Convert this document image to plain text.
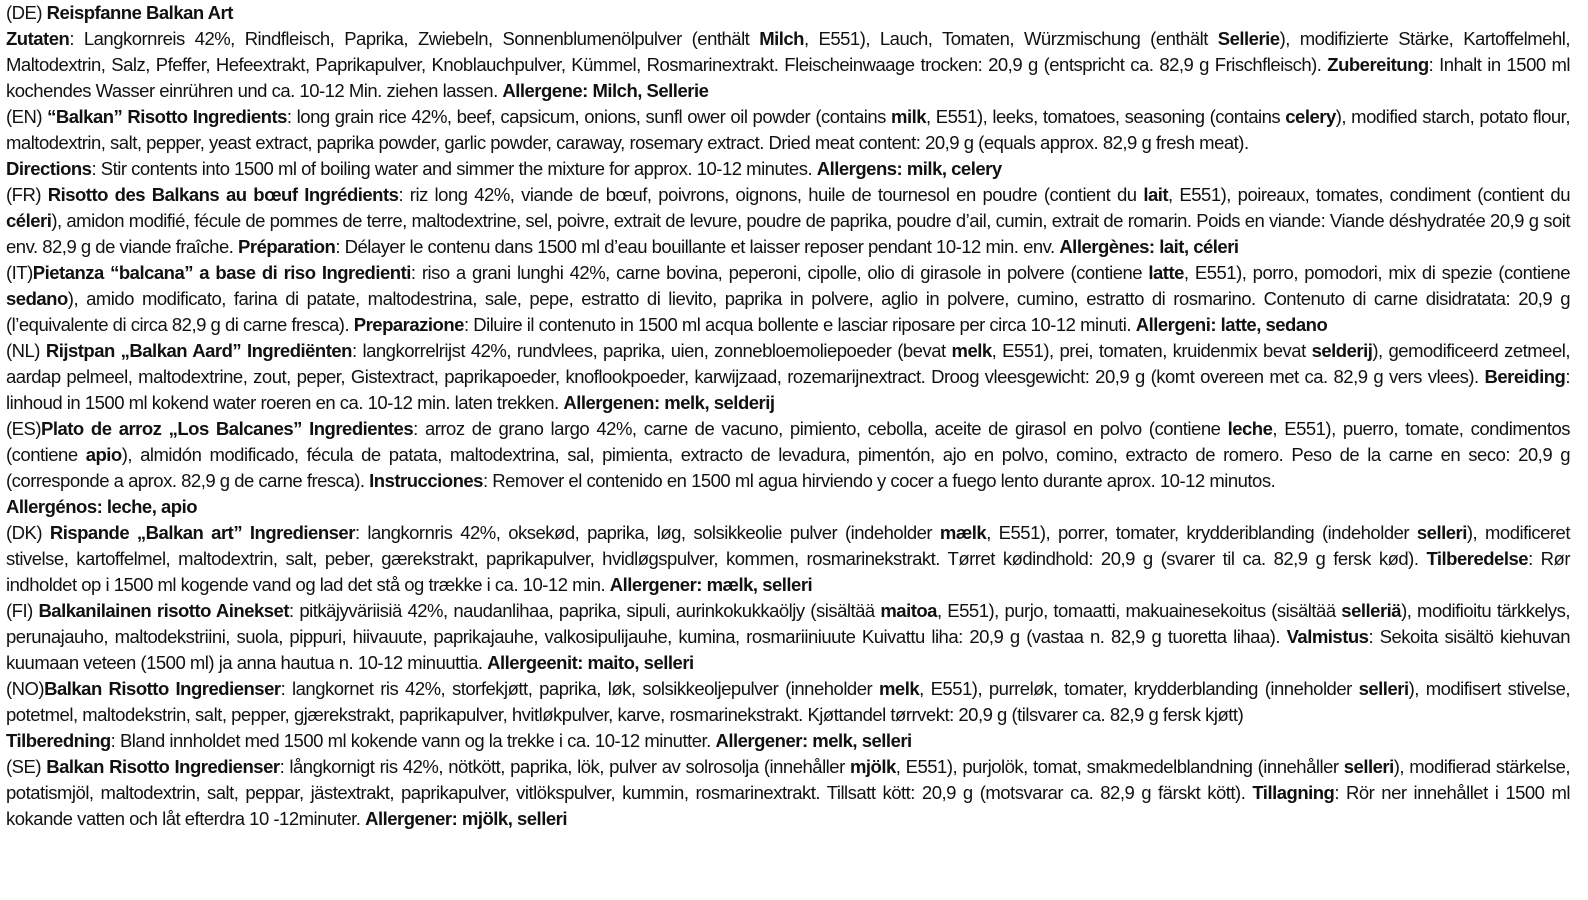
(DE) Reispfanne Balkan Art
Zutaten: Langkornreis 42%, Rindfleisch, Paprika, Zwiebeln, Sonnenblumenölpulver (enthält Milch, E551), Lauch, Tomaten, Würzmischung (enthält Sellerie), modifizierte Stärke, Kartoffelmehl, Maltodextrin, Salz, Pfeffer, Hefeextrakt, Paprikapulver, Knoblauchpulver, Kümmel, Rosmarinextrakt. Fleischeinwaage trocken: 20,9 g (entspricht ca. 82,9 g Frischfleisch). Zubereitung: Inhalt in 1500 ml kochendes Wasser einrühren und ca. 10-12 Min. ziehen lassen. Allergene: Milch, Sellerie

(EN) “Balkan” Risotto Ingredients: long grain rice 42%, beef, capsicum, onions, sunfl ower oil powder (contains milk, E551), leeks, tomatoes, seasoning (contains celery), modified starch, potato flour, maltodextrin, salt, pepper, yeast extract, paprika powder, garlic powder, caraway, rosemary extract. Dried meat content: 20,9 g (equals approx. 82,9 g fresh meat).
Directions: Stir contents into 1500 ml of boiling water and simmer the mixture for approx. 10-12 minutes. Allergens: milk, celery

(FR) Risotto des Balkans au bœuf Ingrédients: riz long 42%, viande de bœuf, poivrons, oignons, huile de tournesol en poudre (contient du lait, E551), poireaux, tomates, condiment (contient du céleri), amidon modifié, fécule de pommes de terre, maltodextrine, sel, poivre, extrait de levure, poudre de paprika, poudre d’ail, cumin, extrait de romarin. Poids en viande: Viande déshydratée 20,9 g soit env. 82,9 g de viande fraîche. Préparation: Délayer le contenu dans 1500 ml d’eau bouillante et laisser reposer pendant 10-12 min. env. Allergènes: lait, céleri

(IT)Pietanza “balcana” a base di riso Ingredienti: riso a grani lunghi 42%, carne bovina, peperoni, cipolle, olio di girasole in polvere (contiene latte, E551), porro, pomodori, mix di spezie (contiene sedano), amido modificato, farina di patate, maltodestrina, sale, pepe, estratto di lievito, paprika in polvere, aglio in polvere, cumino, estratto di rosmarino. Contenuto di carne disidratata: 20,9 g (l’equivalente di circa 82,9 g di carne fresca). Preparazione: Diluire il contenuto in 1500 ml acqua bollente e lasciar riposare per circa 10-12 minuti. Allergeni: latte, sedano

(NL) Rijstpan „Balkan Aard” Ingrediënten: langkorrelrijst 42%, rundvlees, paprika, uien, zonnebloemoliepoeder (bevat melk, E551), prei, tomaten, kruidenmix bevat selderij), gemodificeerd zetmeel, aardap pelmeel, maltodextrine, zout, peper, Gistextract, paprikapoeder, knoflookpoeder, karwijzaad, rozemarijnextract. Droog vleesgewicht: 20,9 g (komt overeen met ca. 82,9 g vers vlees). Bereiding: linhoud in 1500 ml kokend water roeren en ca. 10-12 min. laten trekken. Allergenen: melk, selderij

(ES)Plato de arroz „Los Balcanes” Ingredientes: arroz de grano largo 42%, carne de vacuno, pimiento, cebolla, aceite de girasol en polvo (contiene leche, E551), puerro, tomate, condimentos (contiene apio), almidón modificado, fécula de patata, maltodextrina, sal, pimienta, extracto de levadura, pimentón, ajo en polvo, comino, extracto de romero. Peso de la carne en seco: 20,9 g (corresponde a aprox. 82,9 g de carne fresca). Instrucciones: Remover el contenido en 1500 ml agua hirviendo y cocer a fuego lento durante aprox. 10-12 minutos.
Allergénos: leche, apio

(DK) Rispande „Balkan art” Ingredienser: langkornris 42%, oksekød, paprika, løg, solsikkeolie pulver (indeholder mælk, E551), porrer, tomater, krydderiblanding (indeholder selleri), modificeret stivelse, kartoffelmel, maltodextrin, salt, peber, gærekstrakt, paprikapulver, hvidløgspulver, kommen, rosmarinekstrakt. Tørret kødindhold: 20,9 g (svarer til ca. 82,9 g fersk kød). Tilberedelse: Rør indholdet op i 1500 ml kogende vand og lad det stå og trække i ca. 10-12 min. Allergener: mælk, selleri

(FI) Balkanilainen risotto Ainekset: pitkäjyväriisiä 42%, naudanlihaa, paprika, sipuli, aurinkokukkaöljy (sisältää maitoa, E551), purjo, tomaatti, makuainesekoitus (sisältää selleriä), modifioitu tärkkelys, perunajauho, maltodekstriini, suola, pippuri, hiivauute, paprikajauhe, valkosipulijauhe, kumina, rosmariiniuute Kuivattu liha: 20,9 g (vastaa n. 82,9 g tuoretta lihaa). Valmistus: Sekoita sisältö kiehuvan kuumaan veteen (1500 ml) ja anna hautua n. 10-12 minuuttia. Allergeenit: maito, selleri

(NO)Balkan Risotto Ingredienser: langkornet ris 42%, storfekjøtt, paprika, løk, solsikkeoljepulver (inneholder melk, E551), purreløk, tomater, krydderblanding (inneholder selleri), modifisert stivelse, potetmel, maltodekstrin, salt, pepper, gjærekstrakt, paprikapulver, hvitløkpulver, karve, rosmarinekstrakt. Kjøttandel tørrvekt: 20,9 g (tilsvarer ca. 82,9 g fersk kjøtt)
Tilberedning: Bland innholdet med 1500 ml kokende vann og la trekke i ca. 10-12 minutter. Allergener: melk, selleri

(SE) Balkan Risotto Ingredienser: långkornigt ris 42%, nötkött, paprika, lök, pulver av solrosolja (innehåller mjölk, E551), purjolök, tomat, smakmedelblandning (innehåller selleri), modifierad stärkelse, potatismjöl, maltodextrin, salt, peppar, jästextrakt, paprikapulver, vitlökspulver, kummin, rosmarinextrakt. Tillsatt kött: 20,9 g (motsvarar ca. 82,9 g färskt kött). Tillagning: Rör ner innehållet i 1500 ml kokande vatten och låt efterdra 10 -12minuter. Allergener: mjölk, selleri
